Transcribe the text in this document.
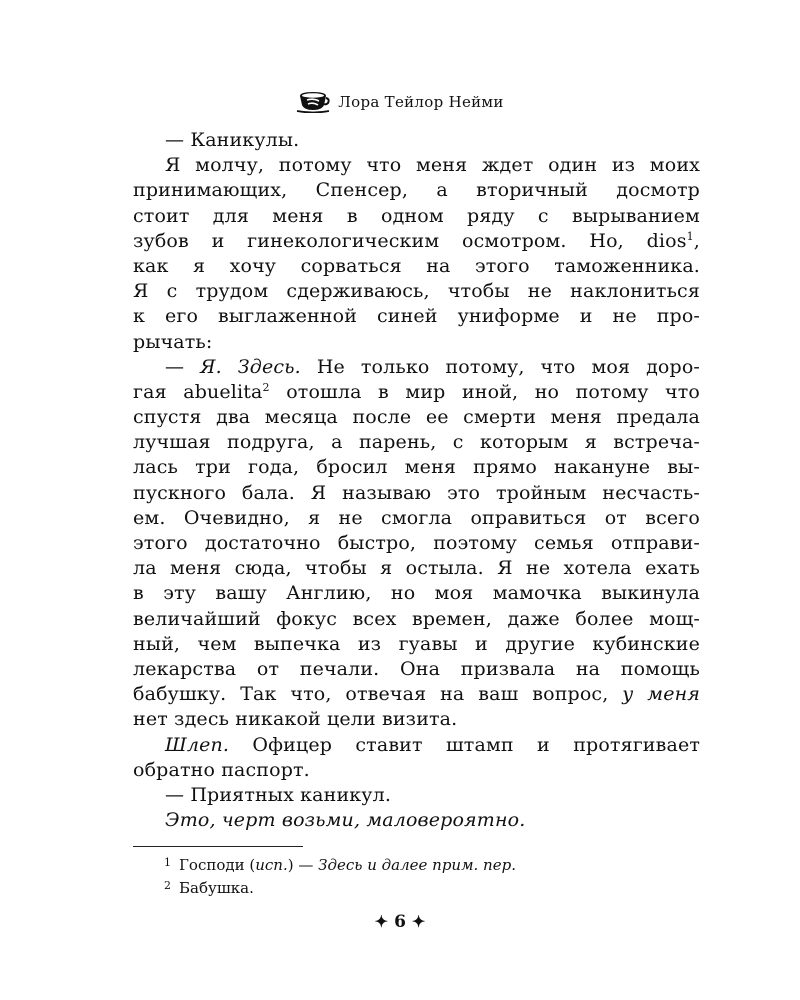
Лора Тейлор Нейми
— Каникулы.
Я молчу, потому что меня ждет один из моих
принимающих, Спенсер, а вторичный досмотр
стоит для меня в одном ряду с вырыванием
зубов и гинекологическим осмотром. Но, dios$^1$,
как я хочу сорваться на этого таможенника.
Я с трудом сдерживаюсь, чтобы не наклониться
к его выглаженной синей униформе и не про-
рычать:
— Я. Здесь. Не только потому, что моя доро-
гая abuelita$^2$ отошла в мир иной, но потому что
спустя два месяца после ее смерти меня предала
лучшая подруга, а парень, с которым я встреча-
лась три года, бросил меня прямо накануне вы-
пускного бала. Я называю это тройным несчасть-
ем. Очевидно, я не смогла оправиться от всего
этого достаточно быстро, поэтому семья отправи-
ла меня сюда, чтобы я остыла. Я не хотела ехать
в эту вашу Англию, но моя мамочка выкинула
величайший фокус всех времен, даже более мощ-
ный, чем выпечка из гуавы и другие кубинские
лекарства от печали. Она призвала на помощь
бабушку. Так что, отвечая на ваш вопрос, у меня
нет здесь никакой цели визита.
Шлеп. Офицер ставит штамп и протягивает
обратно паспорт.
— Приятных каникул.
Это, черт возьми, маловероятно.
$^1$ Господи (исп.) — Здесь и далее прим. пер.
$^2$ Бабушка.
✦ 6 ✦
